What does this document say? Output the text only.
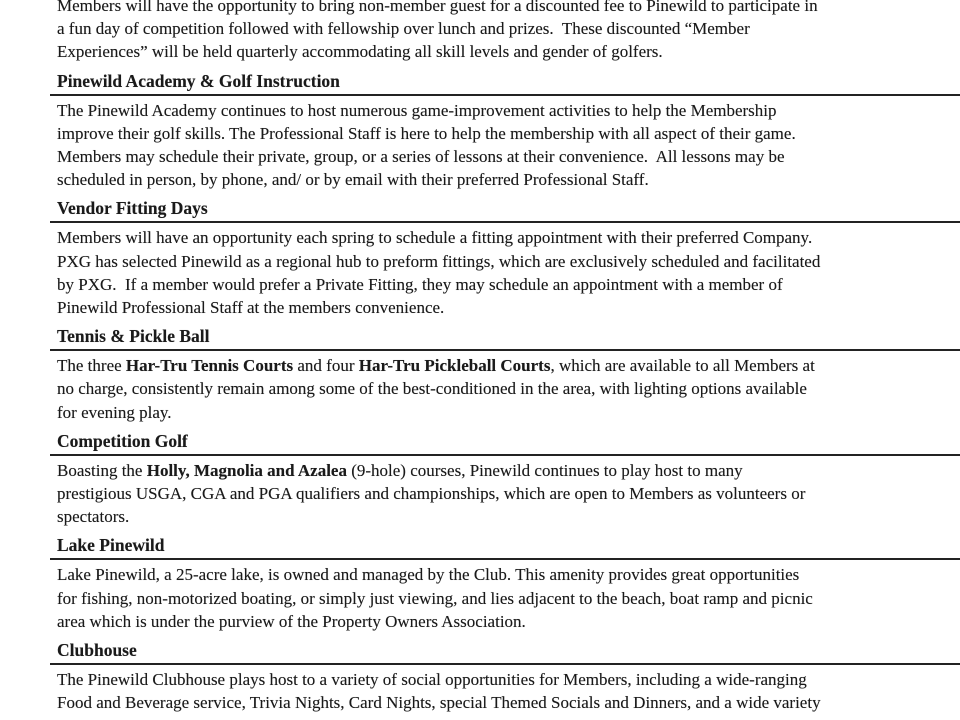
Members will have the opportunity to bring non-member guest for a discounted fee to Pinewild to participate in
a fun day of competition followed with fellowship over lunch and prizes.  These discounted “Member
Experiences” will be held quarterly accommodating all skill levels and gender of golfers.
Pinewild Academy & Golf Instruction
The Pinewild Academy continues to host numerous game-improvement activities to help the Membership
improve their golf skills. The Professional Staff is here to help the membership with all aspect of their game.
Members may schedule their private, group, or a series of lessons at their convenience.  All lessons may be
scheduled in person, by phone, and/ or by email with their preferred Professional Staff.
Vendor Fitting Days
Members will have an opportunity each spring to schedule a fitting appointment with their preferred Company.
PXG has selected Pinewild as a regional hub to preform fittings, which are exclusively scheduled and facilitated
by PXG.  If a member would prefer a Private Fitting, they may schedule an appointment with a member of
Pinewild Professional Staff at the members convenience.
Tennis & Pickle Ball
The three Har-Tru Tennis Courts and four Har-Tru Pickleball Courts, which are available to all Members at
no charge, consistently remain among some of the best-conditioned in the area, with lighting options available
for evening play.
Competition Golf
Boasting the Holly, Magnolia and Azalea (9-hole) courses, Pinewild continues to play host to many
prestigious USGA, CGA and PGA qualifiers and championships, which are open to Members as volunteers or
spectators.
Lake Pinewild
Lake Pinewild, a 25-acre lake, is owned and managed by the Club. This amenity provides great opportunities
for fishing, non-motorized boating, or simply just viewing, and lies adjacent to the beach, boat ramp and picnic
area which is under the purview of the Property Owners Association.
Clubhouse
The Pinewild Clubhouse plays host to a variety of social opportunities for Members, including a wide-ranging
Food and Beverage service, Trivia Nights, Card Nights, special Themed Socials and Dinners, and a wide variety
